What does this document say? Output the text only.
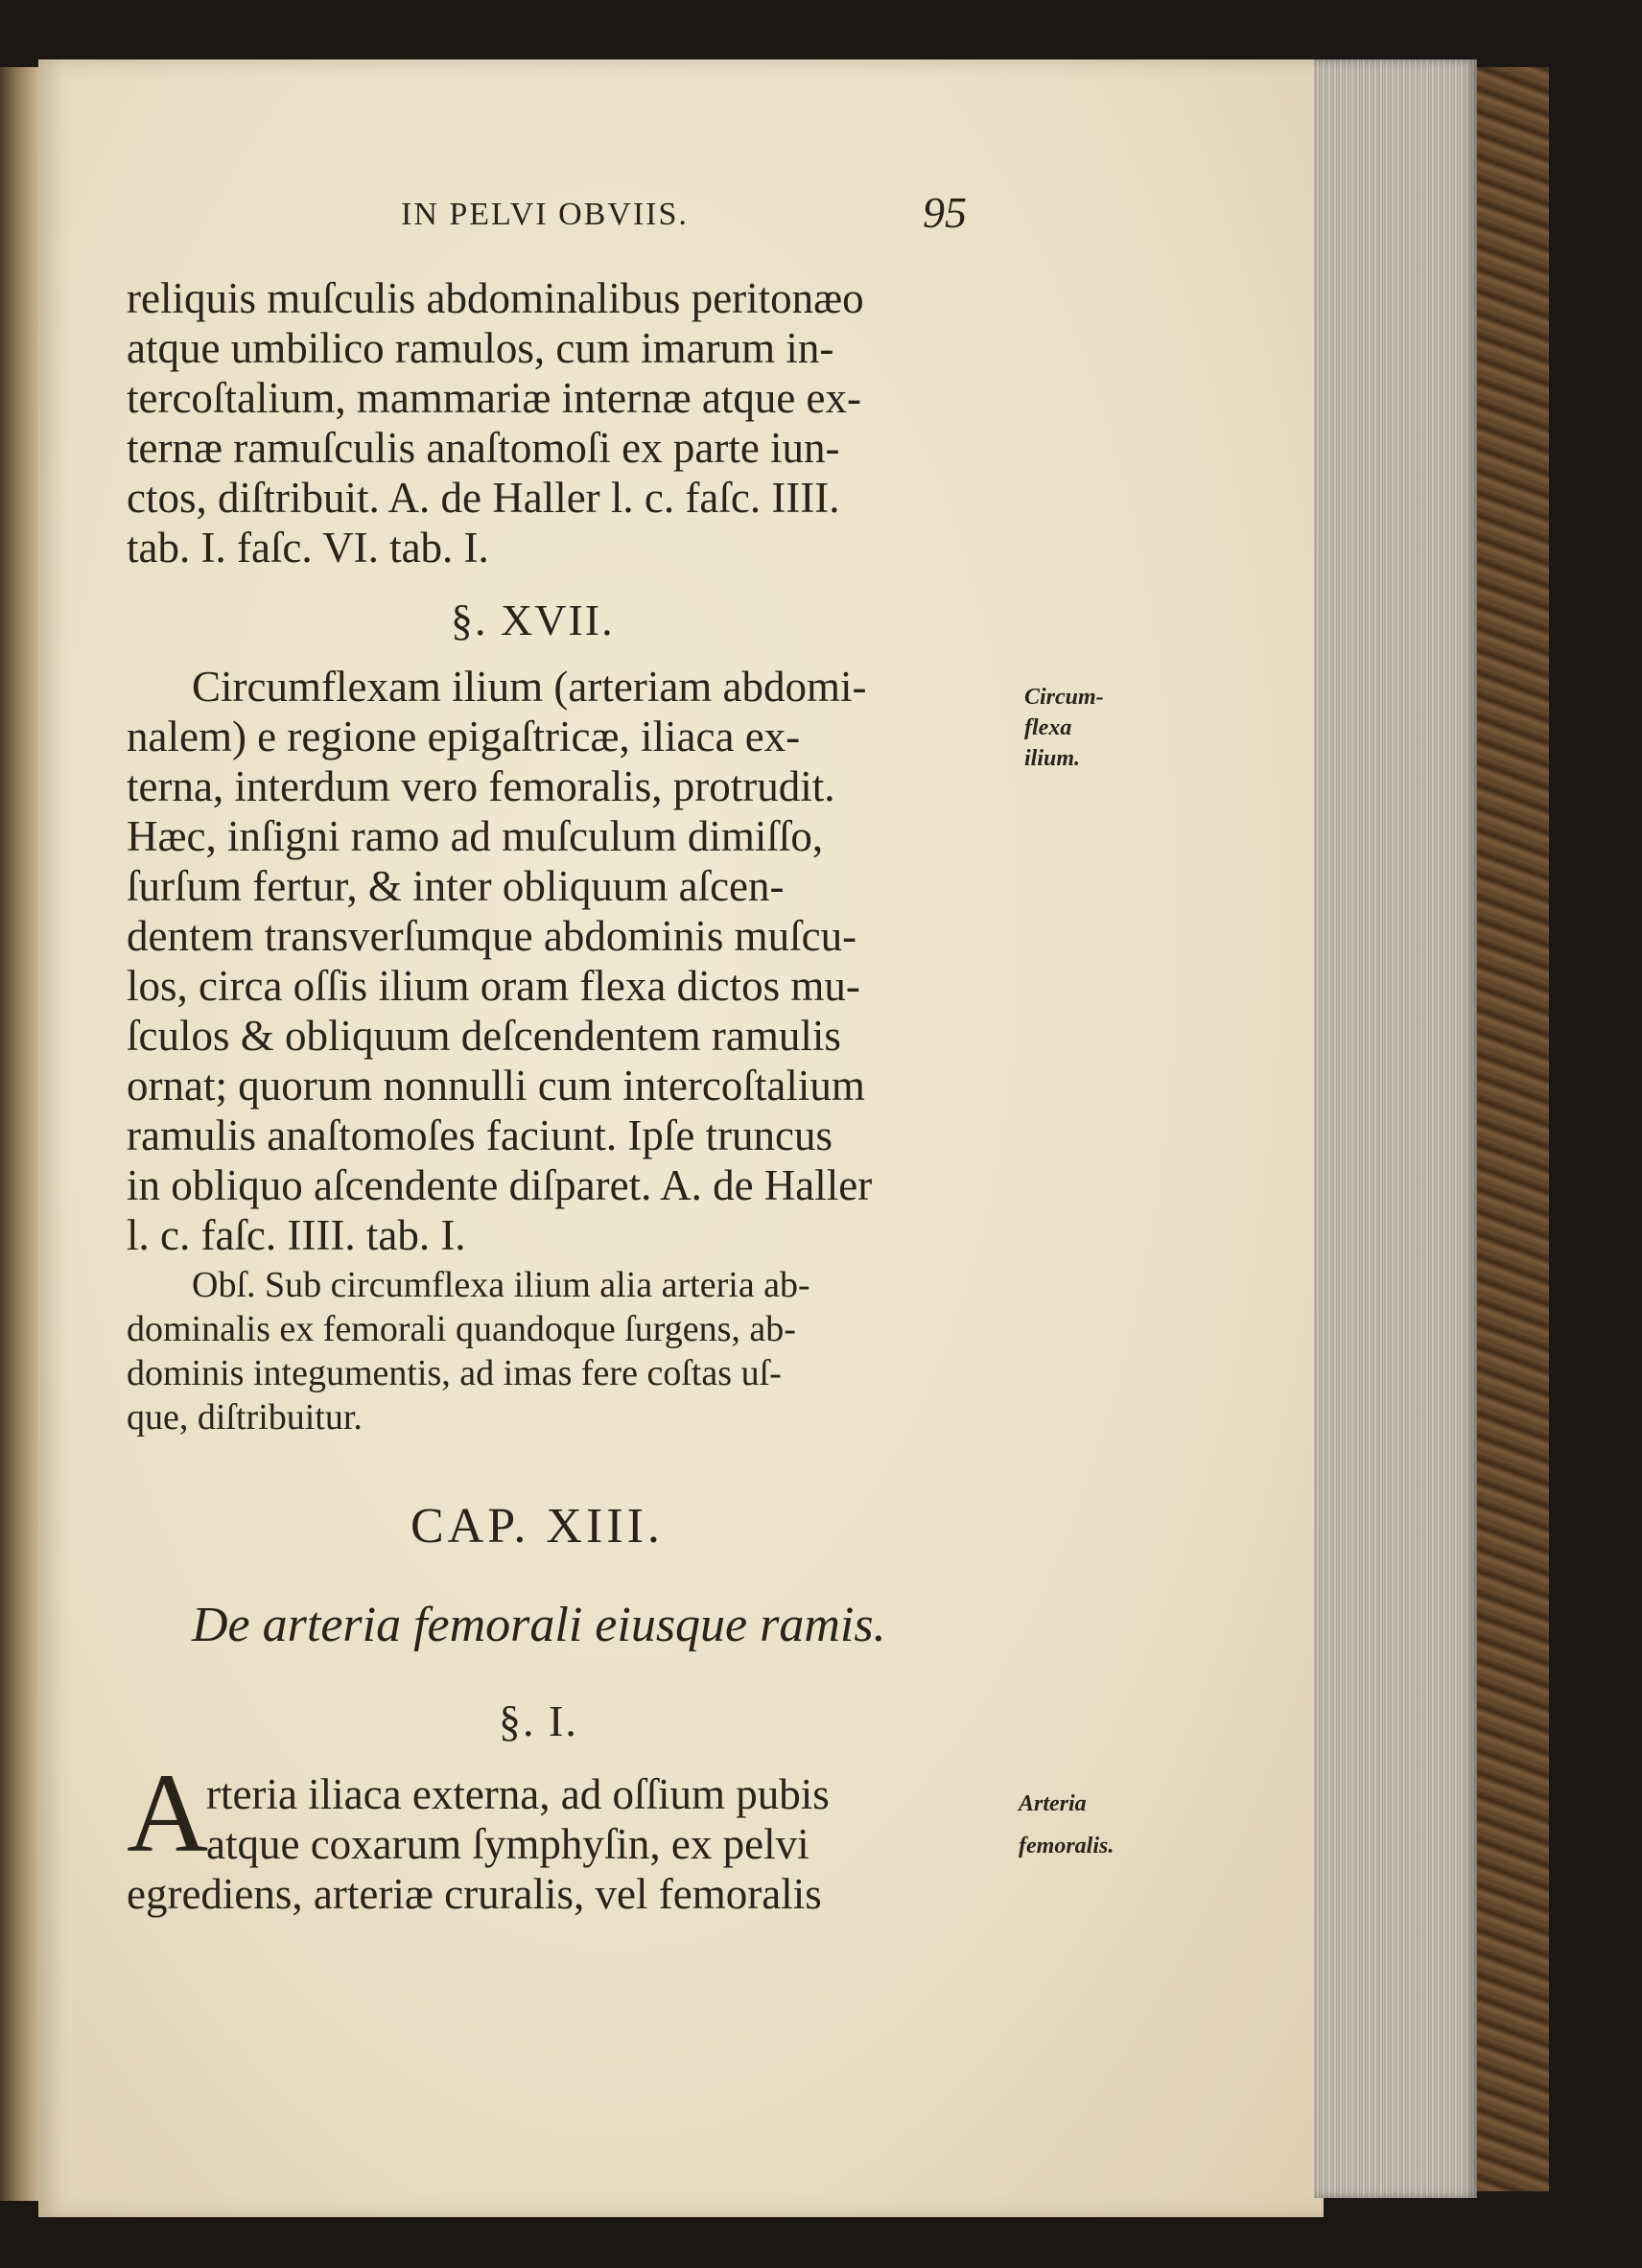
IN PELVI OBVIIS.	95
reliquis muſculis abdominalibus peritonæo
atque umbilico ramulos, cum imarum in-
tercoſtalium, mammariæ internæ atque ex-
ternæ ramuſculis anaſtomoſi ex parte iun-
ctos, diſtribuit. A. de Haller l. c. faſc. IIII.
tab. I. faſc. VI. tab. I.
§. XVII.
Circumflexam ilium (arteriam abdomi-
nalem) e regione epigaſtricæ, iliaca ex-
terna, interdum vero femoralis, protrudit.
Hæc, inſigni ramo ad muſculum dimiſſo,
ſurſum fertur, & inter obliquum aſcen-
dentem transverſumque abdominis muſcu-
los, circa oſſis ilium oram flexa dictos mu-
ſculos & obliquum deſcendentem ramulis
ornat; quorum nonnulli cum intercoſtalium
ramulis anaſtomoſes faciunt. Ipſe truncus
in obliquo aſcendente diſparet. A. de Haller
l. c. faſc. IIII. tab. I.
Circum-
flexa
ilium.
Obſ. Sub circumflexa ilium alia arteria ab-
dominalis ex femorali quandoque ſurgens, ab-
dominis integumentis, ad imas fere coſtas uſ-
que, diſtribuitur.
CAP. XIII.
De arteria femorali eiusque ramis.
§. I.
A
rteria iliaca externa, ad oſſium pubis
atque coxarum ſymphyſin, ex pelvi
egrediens, arteriæ cruralis, vel femoralis
Arteria
femoralis.
